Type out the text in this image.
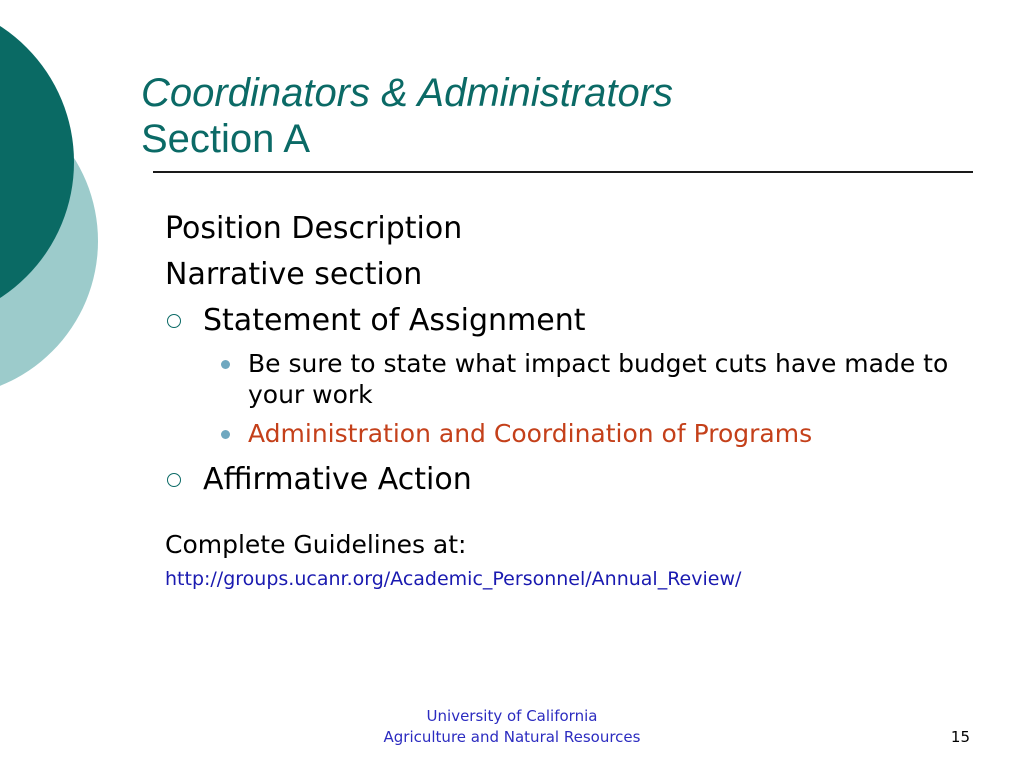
Coordinators & Administrators
Section A

Position Description

Narrative section

Statement of Assignment
Be sure to state what impact budget cuts have made to your work
Administration and Coordination of Programs
Affirmative Action

Complete Guidelines at:

http://groups.ucanr.org/Academic_Personnel/Annual_Review/

University of California
Agriculture and Natural Resources	15
